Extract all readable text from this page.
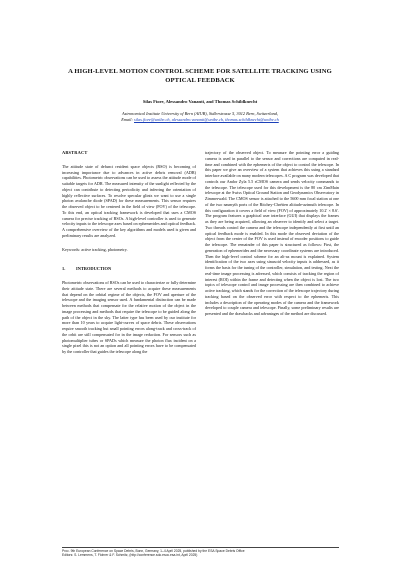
A HIGH-LEVEL MOTION CONTROL SCHEME FOR SATELLITE TRACKING USING
OPTICAL FEEDBACK
Silas Fiore, Alessandro Vananti, and Thomas Schildknecht
Astronomical Institute University of Bern (AIUB), Sidlerstrasse 5, 3012 Bern, Switzerland,
Email: silas.fiore@unibe.ch, alessandro.vananti@unibe.ch, thomas.schildknecht@unibe.ch
ABSTRACT
The attitude state of defunct resident space objects (RSO) is becoming of increasing importance due to advances in active debris removal (ADR) capabilities. Photometric observations can be used to assess the attitude mode of suitable targets for ADR. The measured intensity of the sunlight reflected by the object can contribute to detecting periodicity and inferring the orientation of highly reflective surfaces. To resolve specular glints we want to use a single photon avalanche diode (SPAD) for these measurements. This sensor requires the observed object to be centered in the field of view (FOV) of the telescope. To this end, an optical tracking framework is developed that uses a CMOS camera for precise tracking of RSOs. A high-level controller is used to generate velocity inputs to the telescope axes based on ephemerides and optical feedback. A comprehensive overview of the key algorithms and models used is given and preliminary results are analyzed.
Keywords: active tracking, photometry.
1. INTRODUCTION
Photometric observations of RSOs can be used to characterize or fully determine their attitude state. There are several methods to acquire these measurements that depend on the orbital regime of the objects, the FOV and aperture of the telescope and the imaging sensor used. A fundamental distinction can be made between methods that compensate for the relative motion of the object in the image processing and methods that require the telescope to be guided along the path of the object in the sky. The latter type has been used by our institute for more than 10 years to acquire light-curves of space debris. These observations require smooth tracking but small pointing errors along-track and cross-track of the orbit are still compensated for in the image reduction. For sensors such as photomultiplier tubes or SPADs which measure the photon flux incident on a single pixel this is not an option and all pointing errors have to be compensated by the controller that guides the telescope along the
trajectory of the observed object. To measure the pointing error a guiding camera is used in parallel to the sensor and corrections are computed in real-time and combined with the ephemeris of the object to control the telescope. In this paper we give an overview of a system that achieves this using a standard interface available on many modern telescopes. A C program was developed that controls our Andor Zyla 5.5 sCMOS camera and sends velocity commands to the telescope. The telescope used for this development is the 80 cm ZimMain telescope at the Swiss Optical Ground Station and Geodynamics Observatory in Zimmerwald. The CMOS sensor is attached to the 5600 mm focal station at one of the two nasmyth ports of the Ritchey-Chrétien altitude-azimuth telescope. In this configuration it covers a field of view (FOV) of approximately 10.2' × 8.6'. The program features a graphical user interface (GUI) that displays the frames as they are being acquired, allowing an observer to identify and select a target. Two threads control the camera and the telescope independently at first until an optical feedback mode is enabled. In this mode the observed deviation of the object from the center of the FOV is used instead of encoder positions to guide the telescope. The remainder of this paper is structured as follows: First, the generation of ephemerides and the necessary coordinate systems are introduced. Then the high-level control scheme for an alt-az mount is explained. System identification of the two axes using sinusoid velocity inputs is addressed, as it forms the basis for the tuning of the controller, simulation, and testing. Next the real-time image processing is adressed, which consists of tracking the region of interest (ROI) within the frame and detecting when the object is lost. The two topics of telescope control and image processing are then combined to achieve active tracking, which stands for the correction of the telescope trajectory during tracking based on the observed error with respect to the ephemeris. This includes a description of the operating modes of the camera and the framework developed to couple camera and telescope. Finally, some preliminary results are presented and the drawbacks and advantages of the method are discussed.
Proc. 9th European Conference on Space Debris, Bonn, Germany, 1–4 April 2025, published by the ESA Space Debris Office
Editors: S. Lemmens, T. Flohrer & F. Schmitz, (http://conference.sdo.esoc.esa.int, April 2025)
